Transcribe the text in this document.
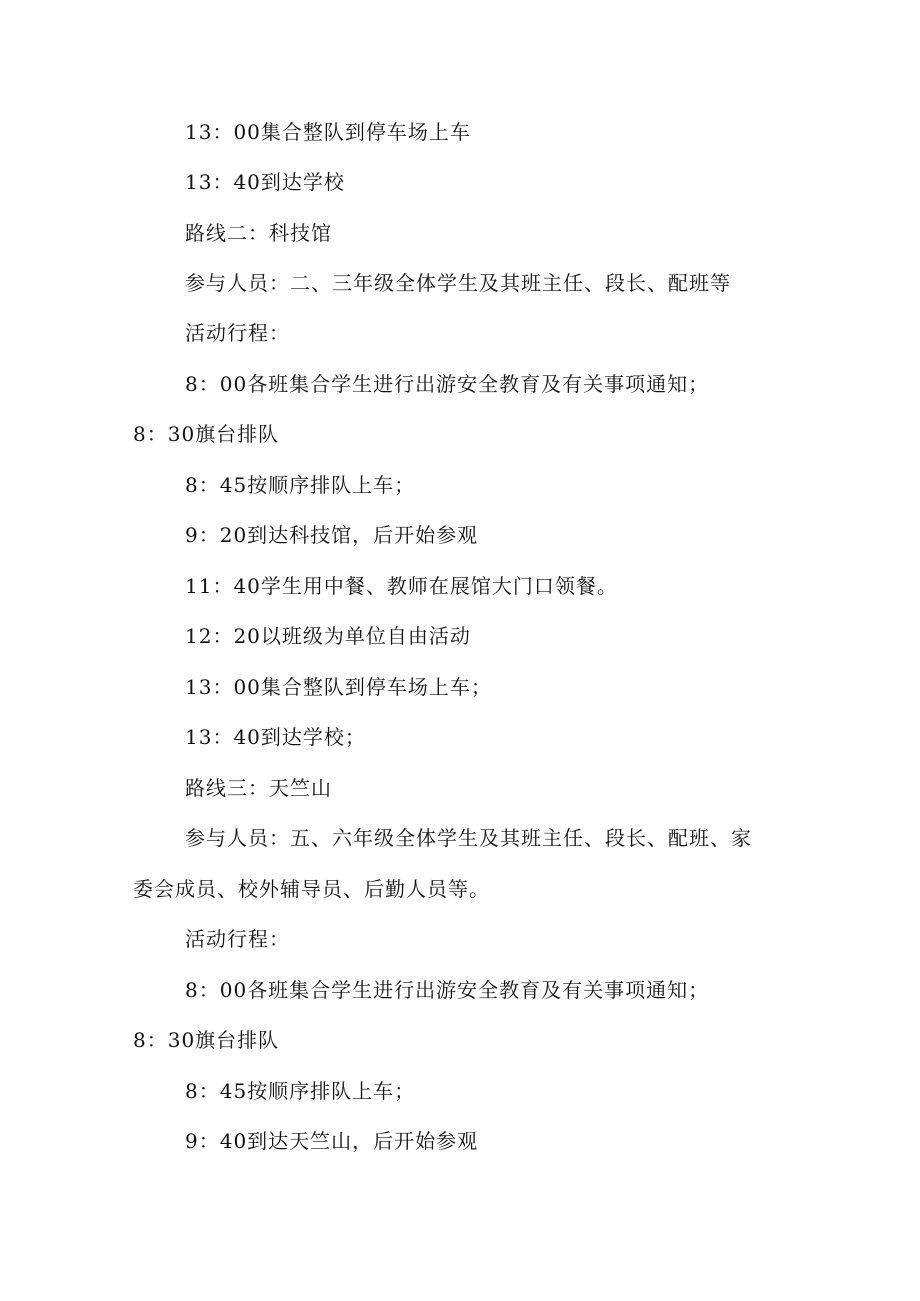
13：00集合整队到停车场上车
13：40到达学校
路线二：科技馆
参与人员：二、三年级全体学生及其班主任、段长、配班等
活动行程：
8：00各班集合学生进行出游安全教育及有关事项通知；
8：30旗台排队
8：45按顺序排队上车；
9：20到达科技馆，后开始参观
11：40学生用中餐、教师在展馆大门口领餐。
12：20以班级为单位自由活动
13：00集合整队到停车场上车；
13：40到达学校；
路线三：天竺山
参与人员：五、六年级全体学生及其班主任、段长、配班、家
委会成员、校外辅导员、后勤人员等。
活动行程：
8：00各班集合学生进行出游安全教育及有关事项通知；
8：30旗台排队
8：45按顺序排队上车；
9：40到达天竺山，后开始参观
